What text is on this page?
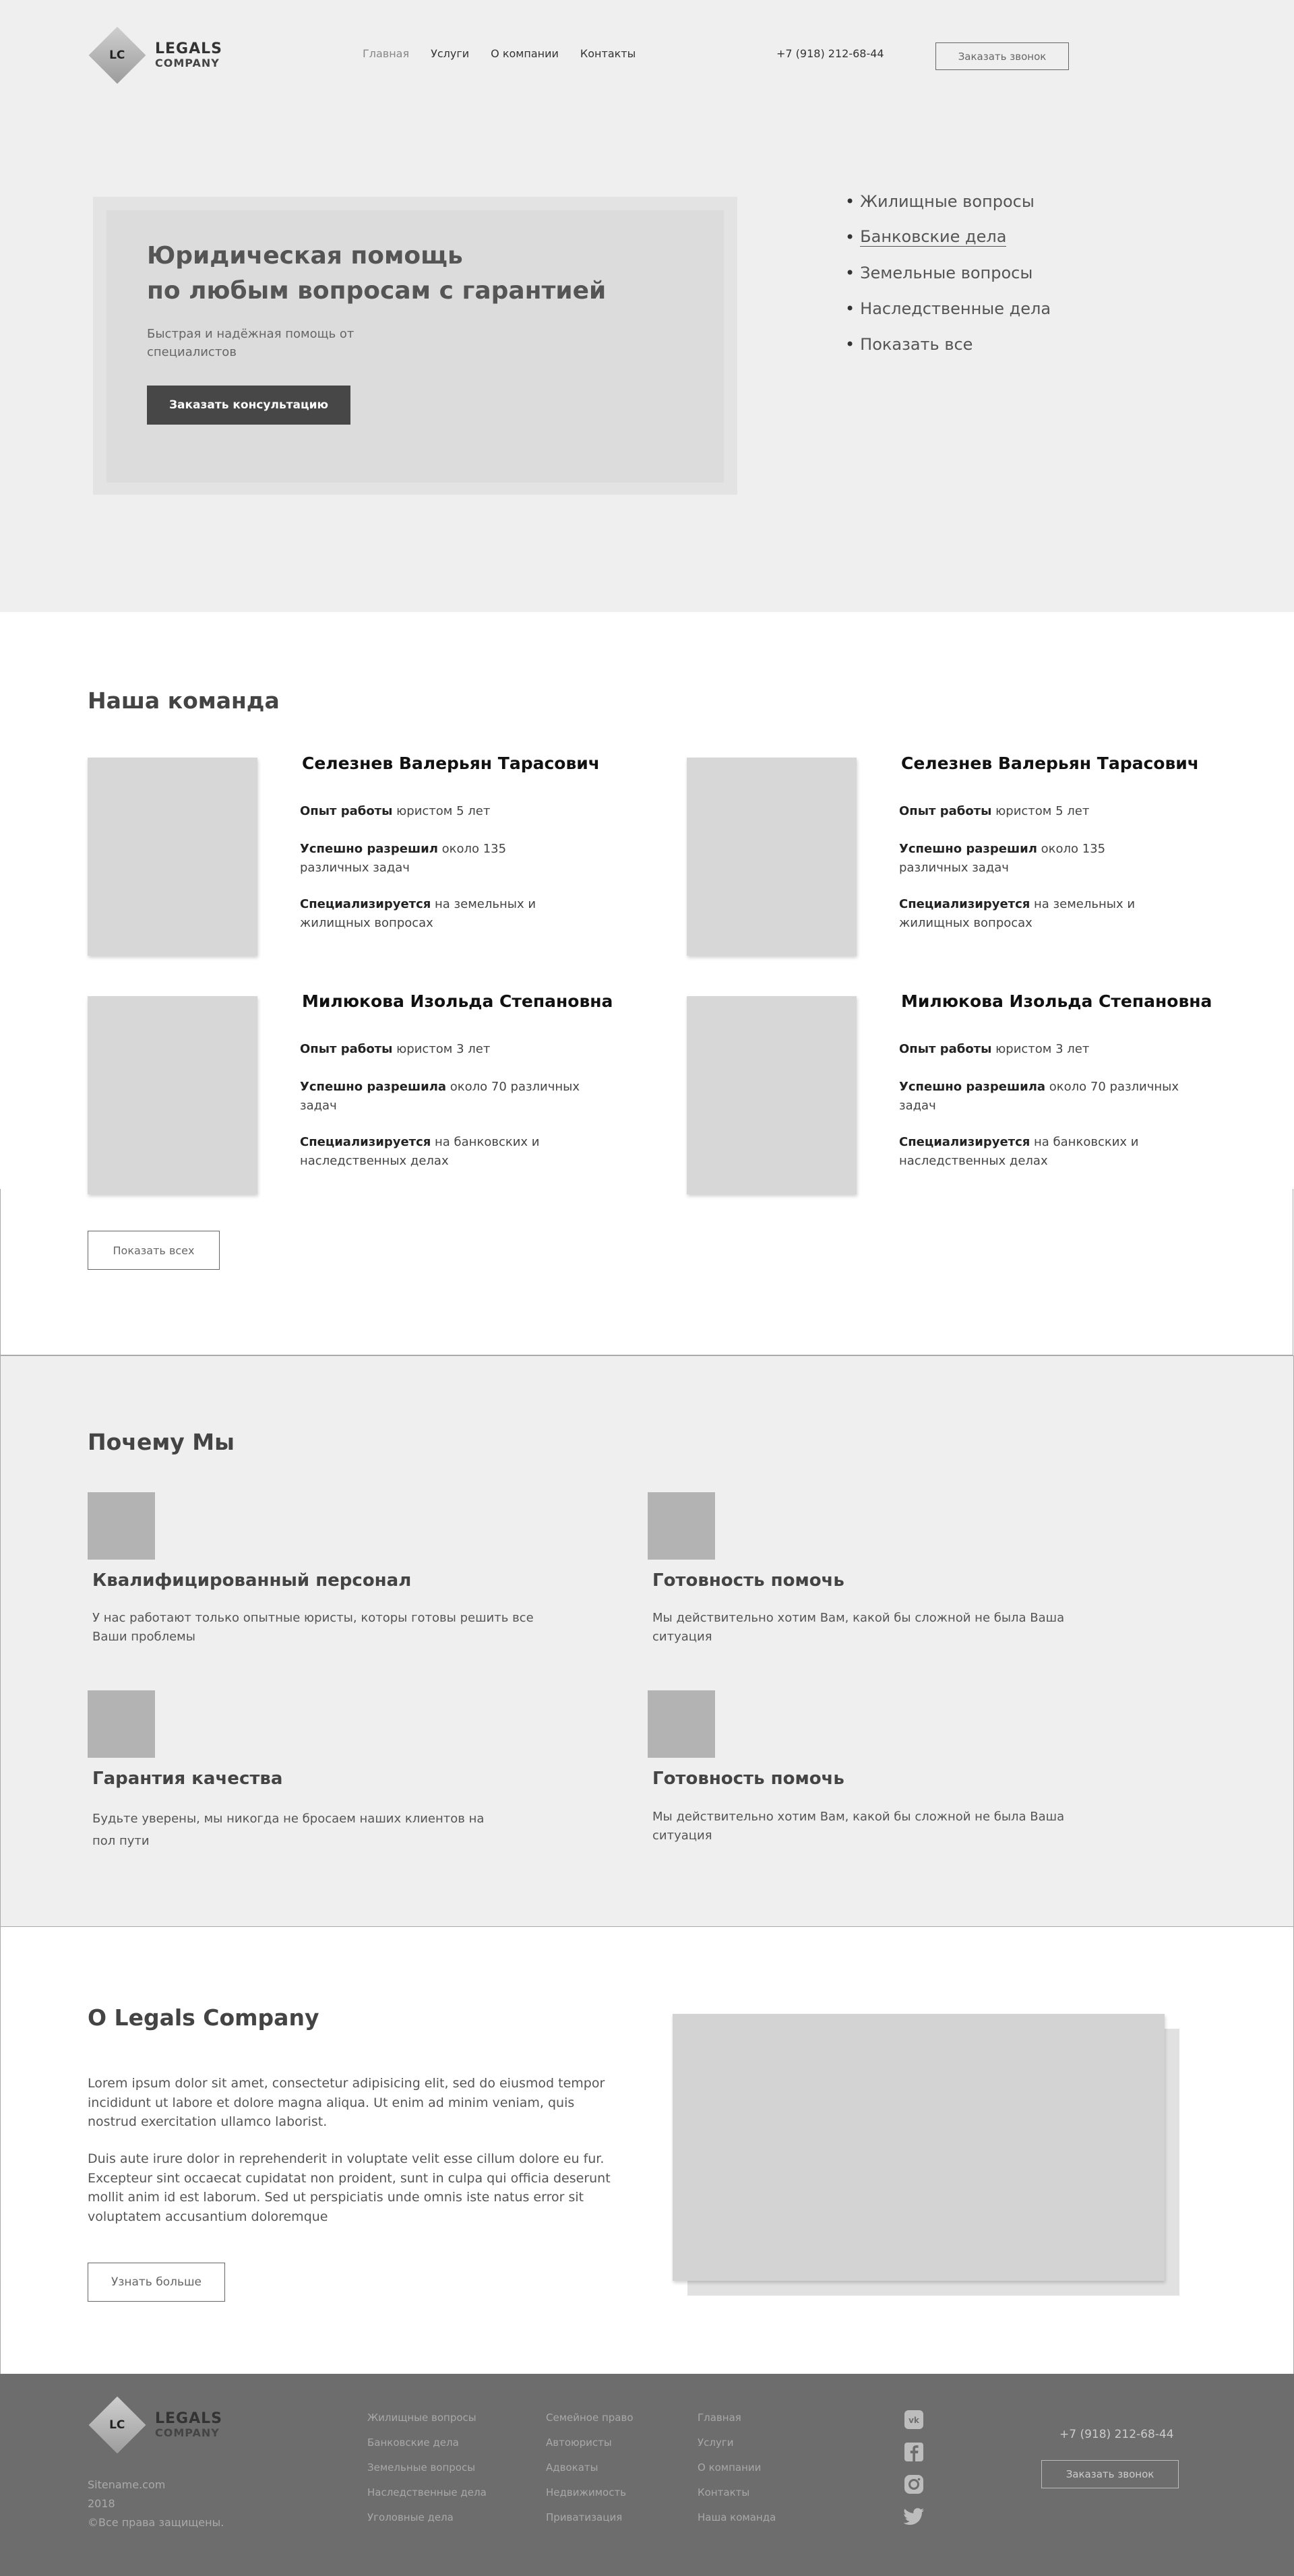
LC LEGALS
COMPANY
Главная Услуги О компании Контакты	+7 (918) 212-68-44	Заказать звонок
Юридическая помощь
по любым вопросам с гарантией

Быстрая и надёжная помощь от специалистов

Заказать консультацию
• Жилищные вопросы
• Банковские дела
• Земельные вопросы
• Наследственные дела
• Показать все
Наша команда
Селезнев Валерьян Тарасович
Опыт работы юристом 5 лет
Успешно разрешил около 135 различных задач
Специализируется на земельных и жилищных вопросах
Селезнев Валерьян Тарасович
Опыт работы юристом 5 лет
Успешно разрешил около 135 различных задач
Специализируется на земельных и жилищных вопросах
Милюкова Изольда Степановна
Опыт работы юристом 3 лет
Успешно разрешила около 70 различных задач
Специализируется на банковских и наследственных делах
Милюкова Изольда Степановна
Опыт работы юристом 3 лет
Успешно разрешила около 70 различных задач
Специализируется на банковских и наследственных делах
Показать всех
Почему Мы
Квалифицированный персонал
У нас работают только опытные юристы, которы готовы решить все Ваши проблемы
Готовность помочь
Мы действительно хотим Вам, какой бы сложной не была Ваша ситуация
Гарантия качества
Будьте уверены, мы никогда не бросаем наших клиентов на пол пути
Готовность помочь
Мы действительно хотим Вам, какой бы сложной не была Ваша ситуация
О Legals Company

Lorem ipsum dolor sit amet, consectetur adipisicing elit, sed do eiusmod tempor incididunt ut labore et dolore magna aliqua. Ut enim ad minim veniam, quis nostrud exercitation ullamco laborist.

Duis aute irure dolor in reprehenderit in voluptate velit esse cillum dolore eu fur. Excepteur sint occaecat cupidatat non proident, sunt in culpa qui officia deserunt mollit anim id est laborum. Sed ut perspiciatis unde omnis iste natus error sit voluptatem accusantium doloremque

Узнать больше
LC LEGALS
COMPANY
Sitename.com
2018
©Все права защищены.
Жилищные вопросы
Банковские дела
Земельные вопросы
Наследственные дела
Уголовные дела
Семейное право
Автоюристы
Адвокаты
Недвижимость
Приватизация
Главная
Услуги
О компании
Контакты
Наша команда
vk
+7 (918) 212-68-44
Заказать звонок
